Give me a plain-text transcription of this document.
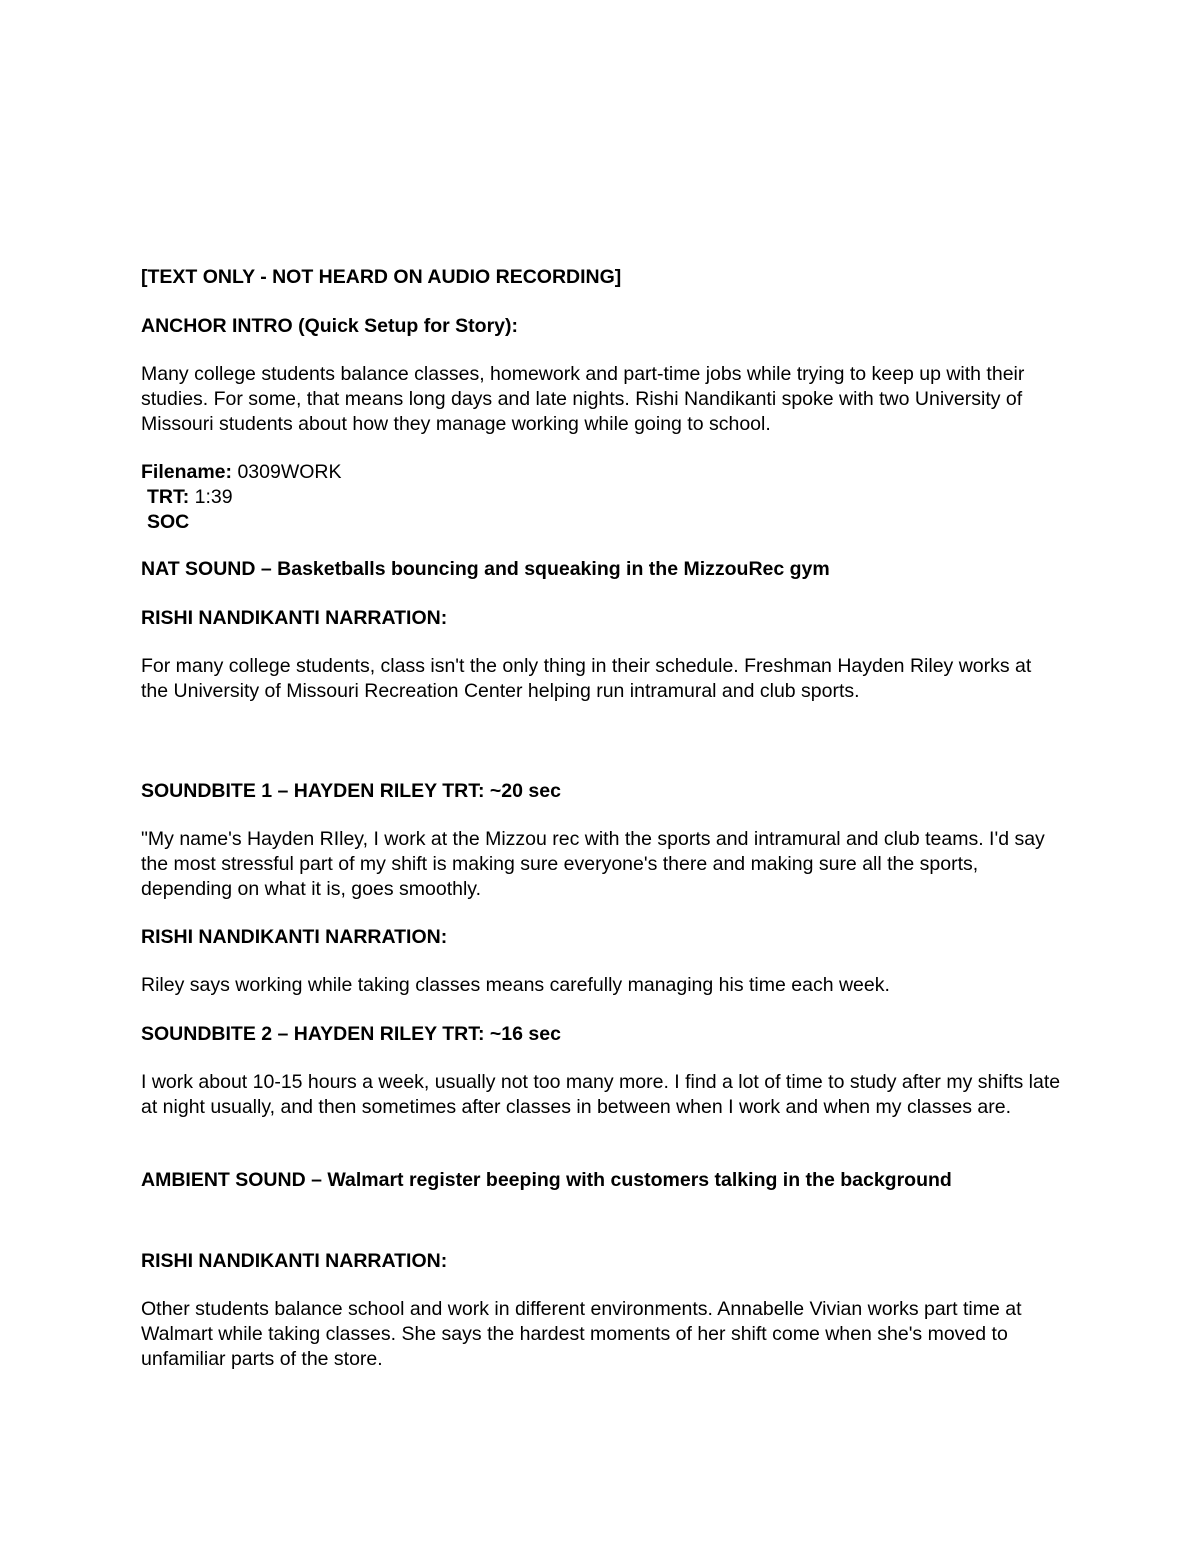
[TEXT ONLY - NOT HEARD ON AUDIO RECORDING]

ANCHOR INTRO (Quick Setup for Story):

Many college students balance classes, homework and part-time jobs while trying to keep up with their studies. For some, that means long days and late nights. Rishi Nandikanti spoke with two University of Missouri students about how they manage working while going to school.

Filename: 0309WORK
TRT: 1:39
SOC

NAT SOUND – Basketballs bouncing and squeaking in the MizzouRec gym

RISHI NANDIKANTI NARRATION:

For many college students, class isn't the only thing in their schedule. Freshman Hayden Riley works at the University of Missouri Recreation Center helping run intramural and club sports.

SOUNDBITE 1 – HAYDEN RILEY TRT: ~20 sec

"My name's Hayden RIley, I work at the Mizzou rec with the sports and intramural and club teams. I'd say the most stressful part of my shift is making sure everyone's there and making sure all the sports, depending on what it is, goes smoothly.

RISHI NANDIKANTI NARRATION:

Riley says working while taking classes means carefully managing his time each week.

SOUNDBITE 2 – HAYDEN RILEY TRT: ~16 sec

I work about 10-15 hours a week, usually not too many more. I find a lot of time to study after my shifts late at night usually, and then sometimes after classes in between when I work and when my classes are.

AMBIENT SOUND – Walmart register beeping with customers talking in the background

RISHI NANDIKANTI NARRATION:

Other students balance school and work in different environments. Annabelle Vivian works part time at Walmart while taking classes. She says the hardest moments of her shift come when she's moved to unfamiliar parts of the store.
